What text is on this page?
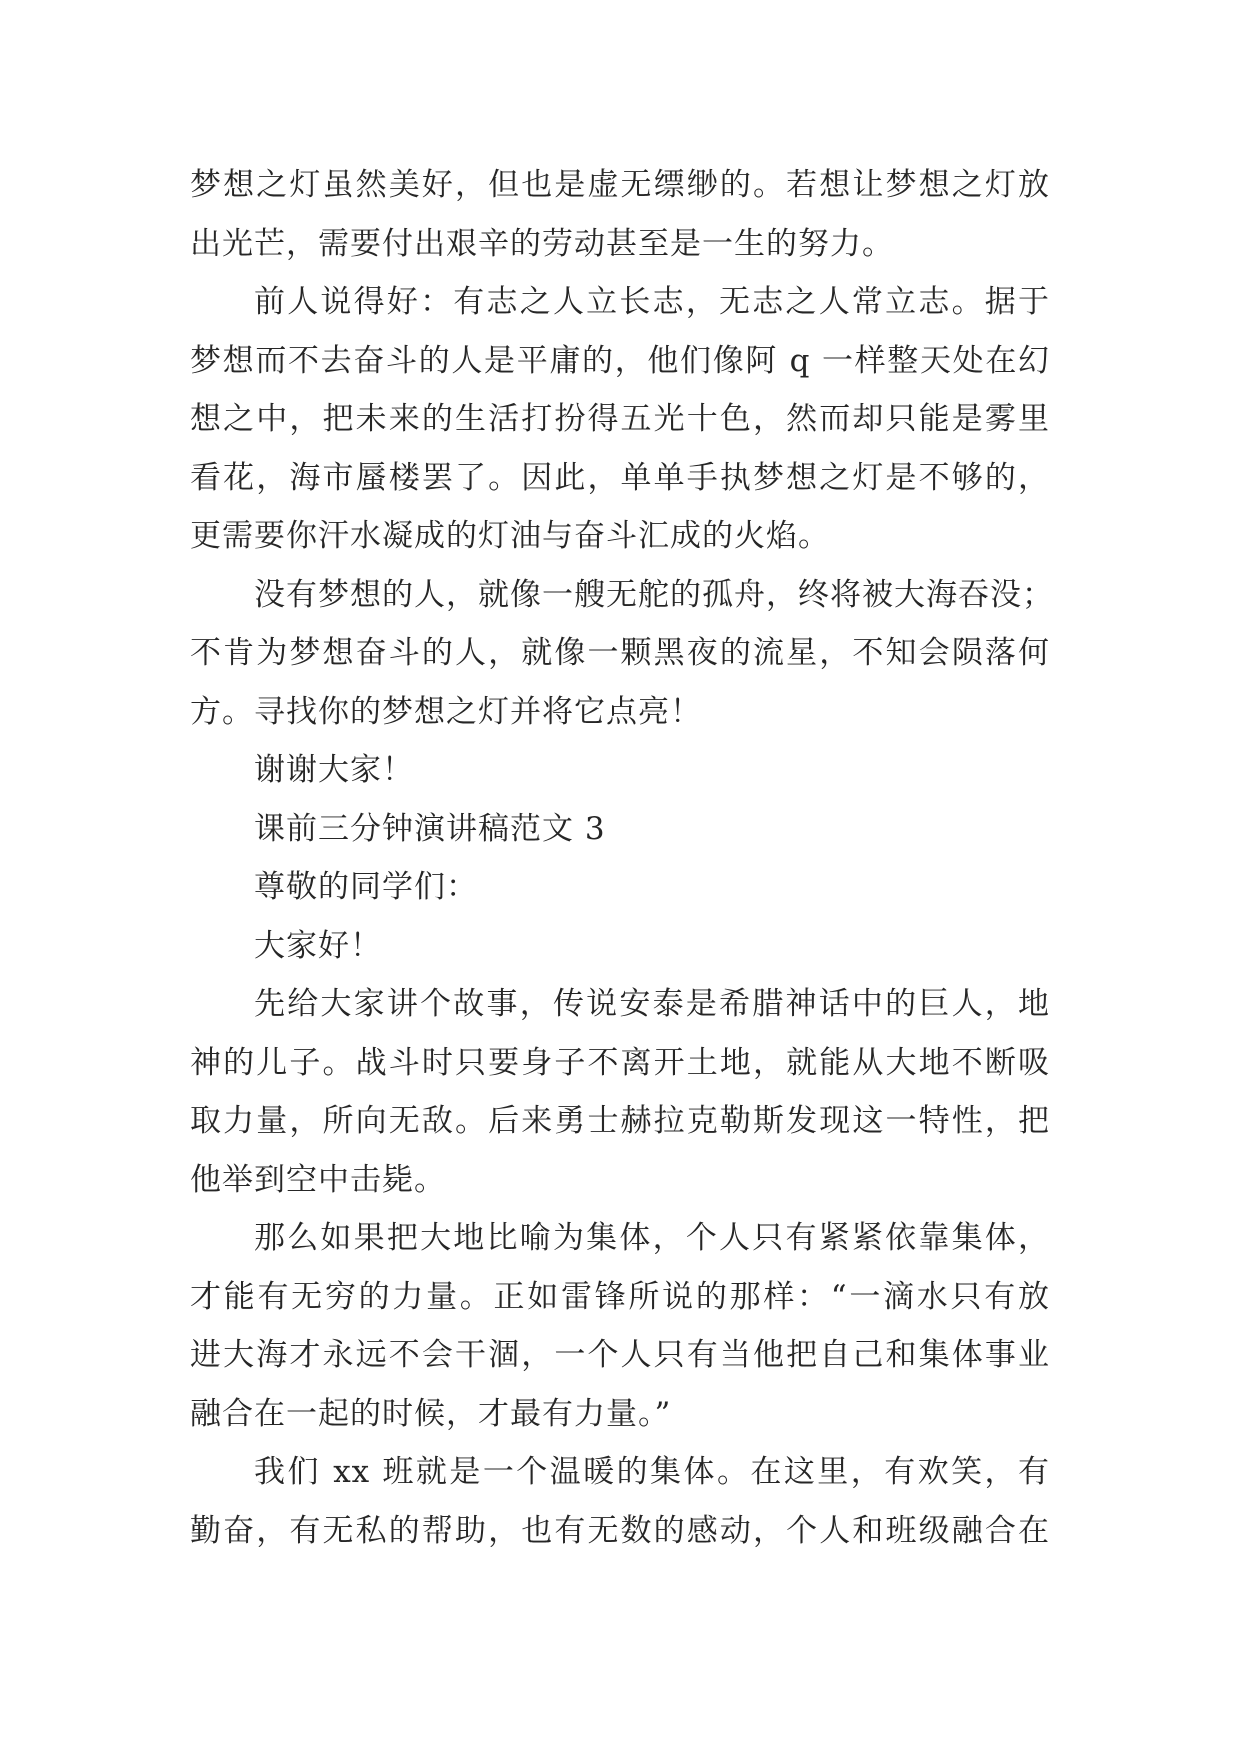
梦想之灯虽然美好，但也是虚无缥缈的。若想让梦想之灯放
出光芒，需要付出艰辛的劳动甚至是一生的努力。
前人说得好：有志之人立长志，无志之人常立志。据于
梦想而不去奋斗的人是平庸的，他们像阿 q 一样整天处在幻
想之中，把未来的生活打扮得五光十色，然而却只能是雾里
看花，海市蜃楼罢了。因此，单单手执梦想之灯是不够的，
更需要你汗水凝成的灯油与奋斗汇成的火焰。
没有梦想的人，就像一艘无舵的孤舟，终将被大海吞没；
不肯为梦想奋斗的人，就像一颗黑夜的流星，不知会陨落何
方。寻找你的梦想之灯并将它点亮！
谢谢大家！
课前三分钟演讲稿范文 3
尊敬的同学们：
大家好！
先给大家讲个故事，传说安泰是希腊神话中的巨人，地
神的儿子。战斗时只要身子不离开土地，就能从大地不断吸
取力量，所向无敌。后来勇士赫拉克勒斯发现这一特性，把
他举到空中击毙。
那么如果把大地比喻为集体，个人只有紧紧依靠集体，
才能有无穷的力量。正如雷锋所说的那样：“一滴水只有放
进大海才永远不会干涸，一个人只有当他把自己和集体事业
融合在一起的时候，才最有力量。”
我们 xx 班就是一个温暖的集体。在这里，有欢笑，有
勤奋，有无私的帮助，也有无数的感动，个人和班级融合在
